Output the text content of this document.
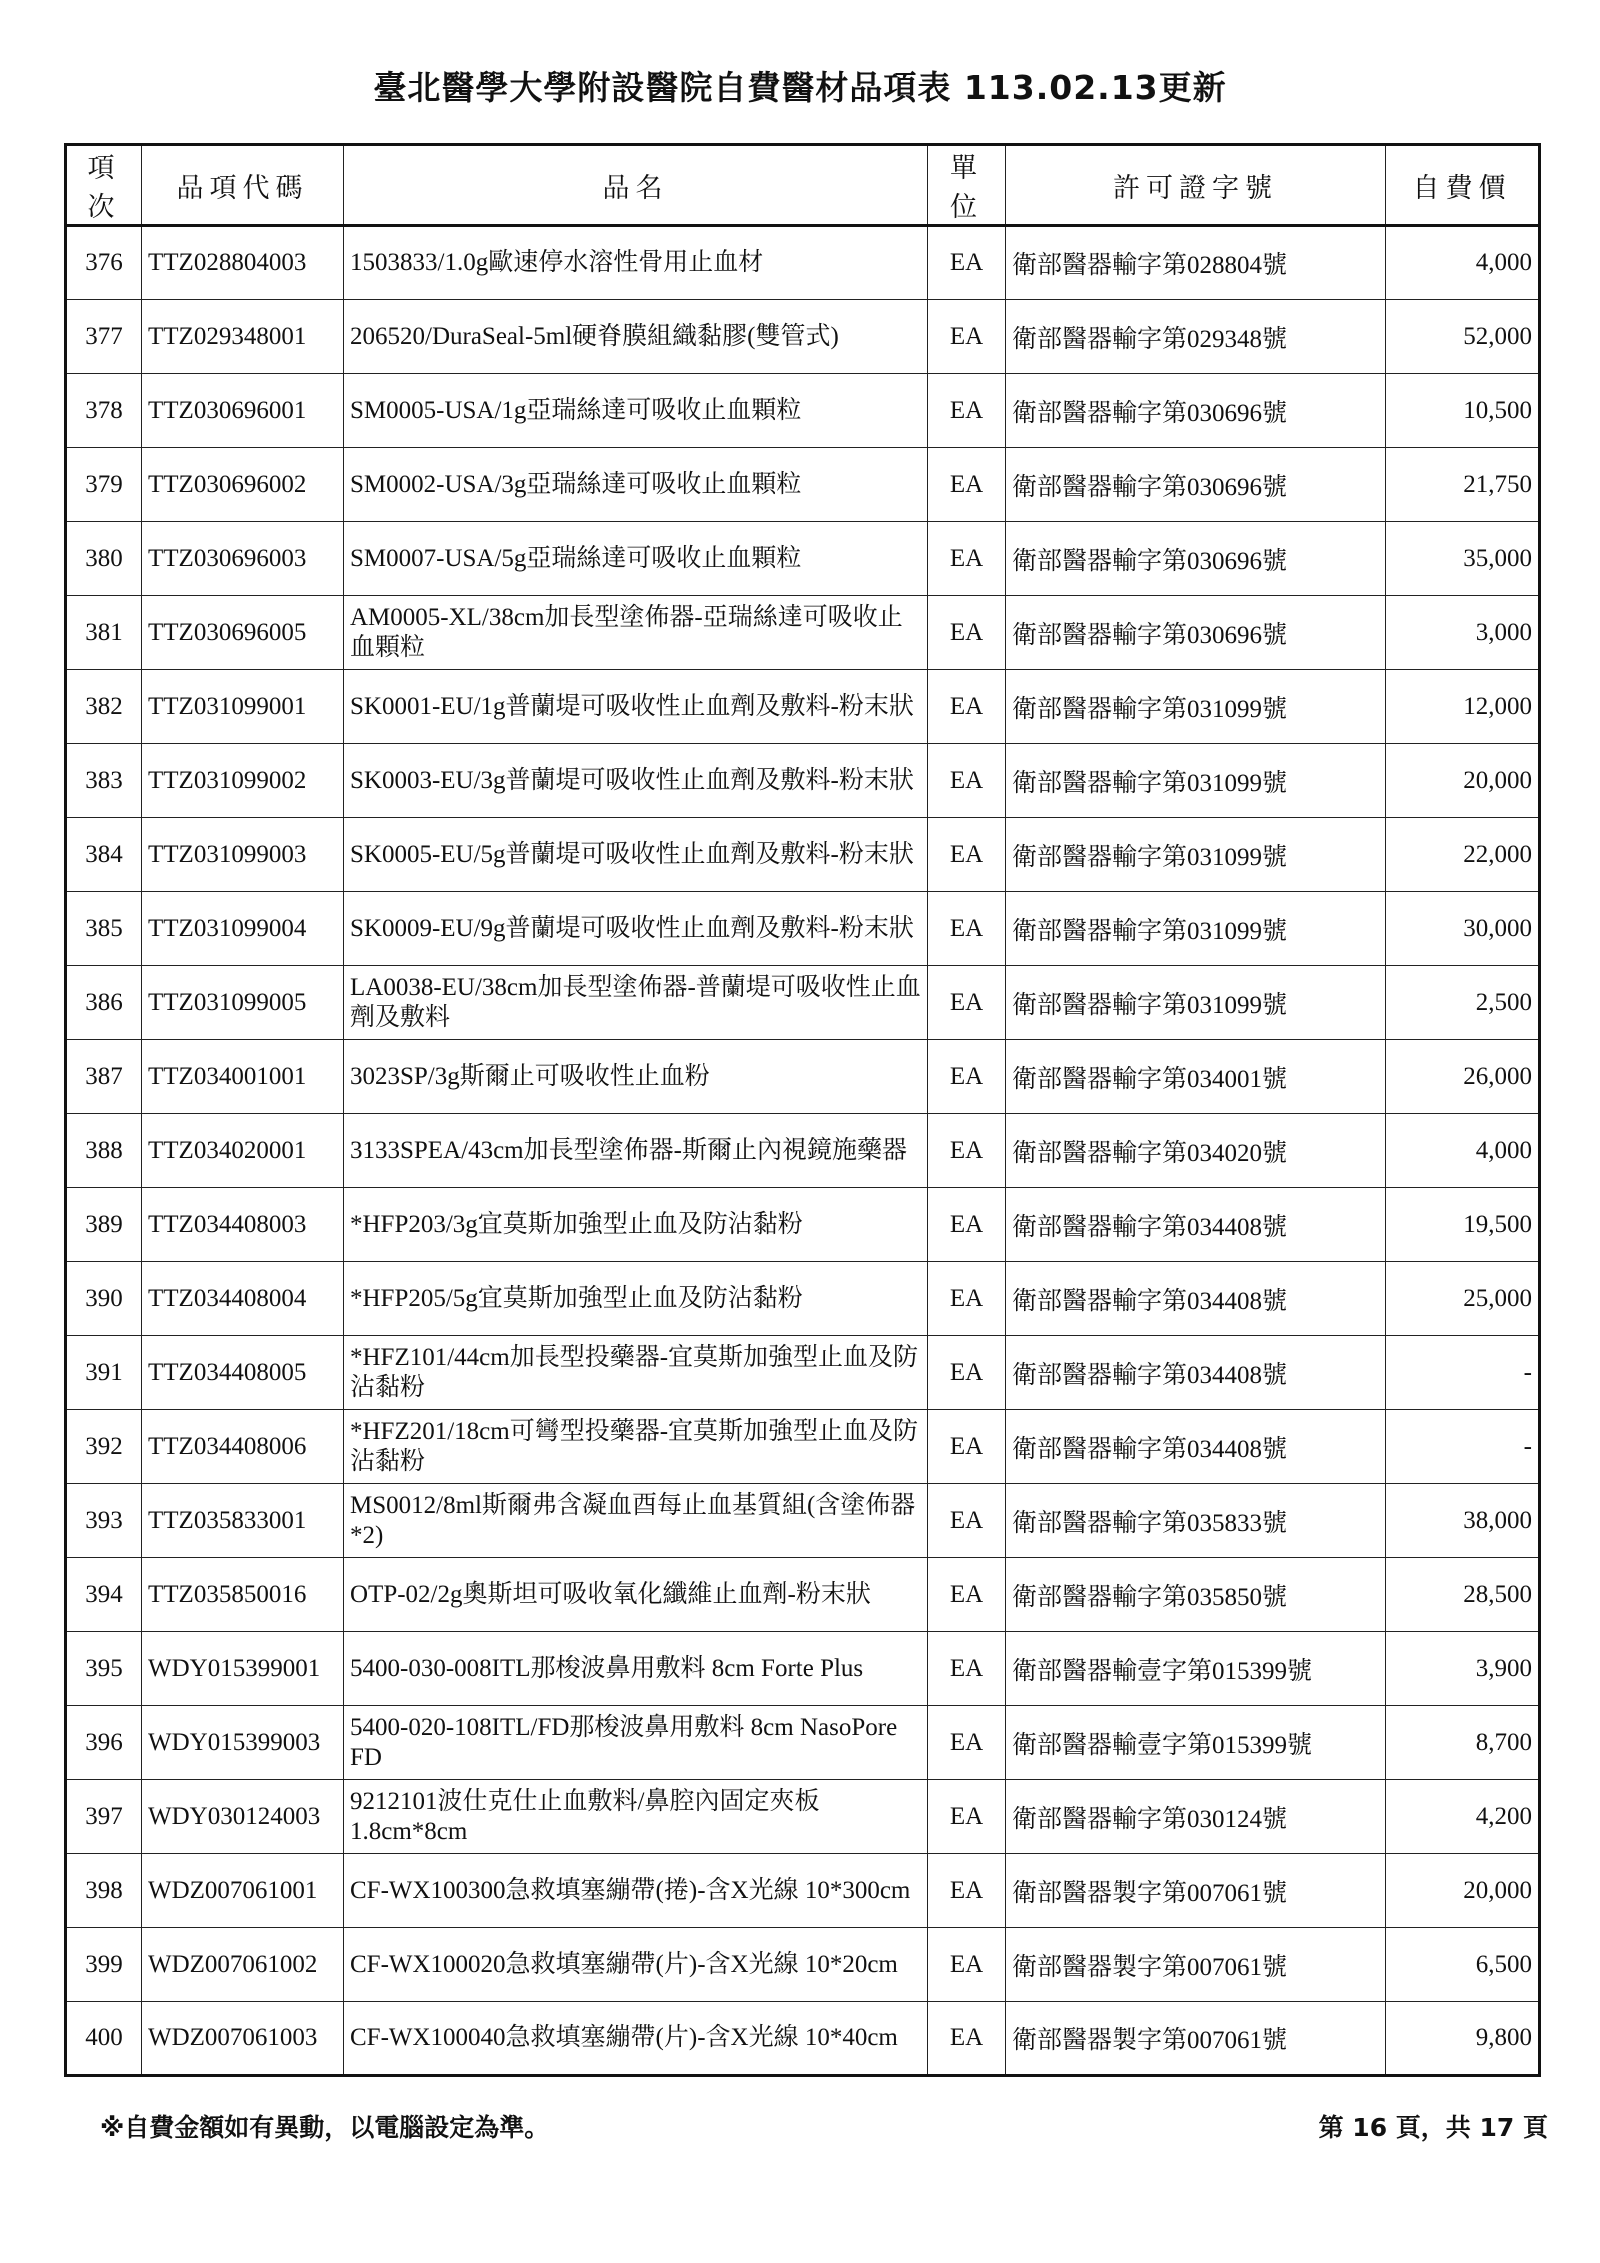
臺北醫學大學附設醫院自費醫材品項表 113.02.13更新
項次	品項代碼	品名	單位	許可證字號	自費價
376	TTZ028804003	1503833/1.0g歐速停水溶性骨用止血材	EA	衛部醫器輸字第028804號	4,000
377	TTZ029348001	206520/DuraSeal-5ml硬脊膜組織黏膠(雙管式)	EA	衛部醫器輸字第029348號	52,000
378	TTZ030696001	SM0005-USA/1g亞瑞絲達可吸收止血顆粒	EA	衛部醫器輸字第030696號	10,500
379	TTZ030696002	SM0002-USA/3g亞瑞絲達可吸收止血顆粒	EA	衛部醫器輸字第030696號	21,750
380	TTZ030696003	SM0007-USA/5g亞瑞絲達可吸收止血顆粒	EA	衛部醫器輸字第030696號	35,000
381	TTZ030696005	AM0005-XL/38cm加長型塗佈器-亞瑞絲達可吸收止血顆粒	EA	衛部醫器輸字第030696號	3,000
382	TTZ031099001	SK0001-EU/1g普蘭堤可吸收性止血劑及敷料-粉末狀	EA	衛部醫器輸字第031099號	12,000
383	TTZ031099002	SK0003-EU/3g普蘭堤可吸收性止血劑及敷料-粉末狀	EA	衛部醫器輸字第031099號	20,000
384	TTZ031099003	SK0005-EU/5g普蘭堤可吸收性止血劑及敷料-粉末狀	EA	衛部醫器輸字第031099號	22,000
385	TTZ031099004	SK0009-EU/9g普蘭堤可吸收性止血劑及敷料-粉末狀	EA	衛部醫器輸字第031099號	30,000
386	TTZ031099005	LA0038-EU/38cm加長型塗佈器-普蘭堤可吸收性止血劑及敷料	EA	衛部醫器輸字第031099號	2,500
387	TTZ034001001	3023SP/3g斯爾止可吸收性止血粉	EA	衛部醫器輸字第034001號	26,000
388	TTZ034020001	3133SPEA/43cm加長型塗佈器-斯爾止內視鏡施藥器	EA	衛部醫器輸字第034020號	4,000
389	TTZ034408003	*HFP203/3g宜莫斯加強型止血及防沾黏粉	EA	衛部醫器輸字第034408號	19,500
390	TTZ034408004	*HFP205/5g宜莫斯加強型止血及防沾黏粉	EA	衛部醫器輸字第034408號	25,000
391	TTZ034408005	*HFZ101/44cm加長型投藥器-宜莫斯加強型止血及防沾黏粉	EA	衛部醫器輸字第034408號	-
392	TTZ034408006	*HFZ201/18cm可彎型投藥器-宜莫斯加強型止血及防沾黏粉	EA	衛部醫器輸字第034408號	-
393	TTZ035833001	MS0012/8ml斯爾弗含凝血酉每止血基質組(含塗佈器*2)	EA	衛部醫器輸字第035833號	38,000
394	TTZ035850016	OTP-02/2g奧斯坦可吸收氧化纖維止血劑-粉末狀	EA	衛部醫器輸字第035850號	28,500
395	WDY015399001	5400-030-008ITL那梭波鼻用敷料 8cm Forte Plus	EA	衛部醫器輸壹字第015399號	3,900
396	WDY015399003	5400-020-108ITL/FD那梭波鼻用敷料 8cm NasoPore FD	EA	衛部醫器輸壹字第015399號	8,700
397	WDY030124003	9212101波仕克仕止血敷料/鼻腔內固定夾板 1.8cm*8cm	EA	衛部醫器輸字第030124號	4,200
398	WDZ007061001	CF-WX100300急救填塞繃帶(捲)-含X光線 10*300cm	EA	衛部醫器製字第007061號	20,000
399	WDZ007061002	CF-WX100020急救填塞繃帶(片)-含X光線 10*20cm	EA	衛部醫器製字第007061號	6,500
400	WDZ007061003	CF-WX100040急救填塞繃帶(片)-含X光線 10*40cm	EA	衛部醫器製字第007061號	9,800
※自費金額如有異動，以電腦設定為準。	第 16 頁，共 17 頁
